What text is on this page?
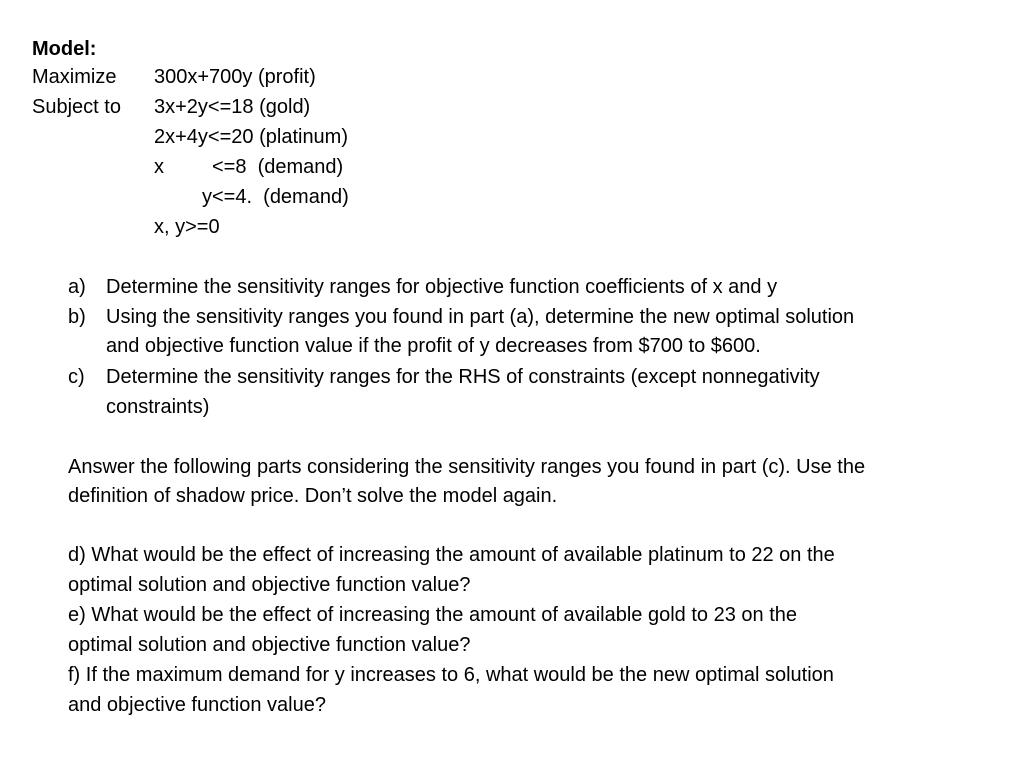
Model:
Maximize 300x+700y (profit)
Subject to 3x+2y<=18 (gold)
2x+4y<=20 (platinum)
x <=8  (demand)
y<=4.  (demand)
x, y>=0
a) Determine the sensitivity ranges for objective function coefficients of x and y
b) Using the sensitivity ranges you found in part (a), determine the new optimal solution
and objective function value if the profit of y decreases from $700 to $600.
c) Determine the sensitivity ranges for the RHS of constraints (except nonnegativity
constraints)
Answer the following parts considering the sensitivity ranges you found in part (c). Use the
definition of shadow price. Don’t solve the model again.
d) What would be the effect of increasing the amount of available platinum to 22 on the
optimal solution and objective function value?
e) What would be the effect of increasing the amount of available gold to 23 on the
optimal solution and objective function value?
f) If the maximum demand for y increases to 6, what would be the new optimal solution
and objective function value?
